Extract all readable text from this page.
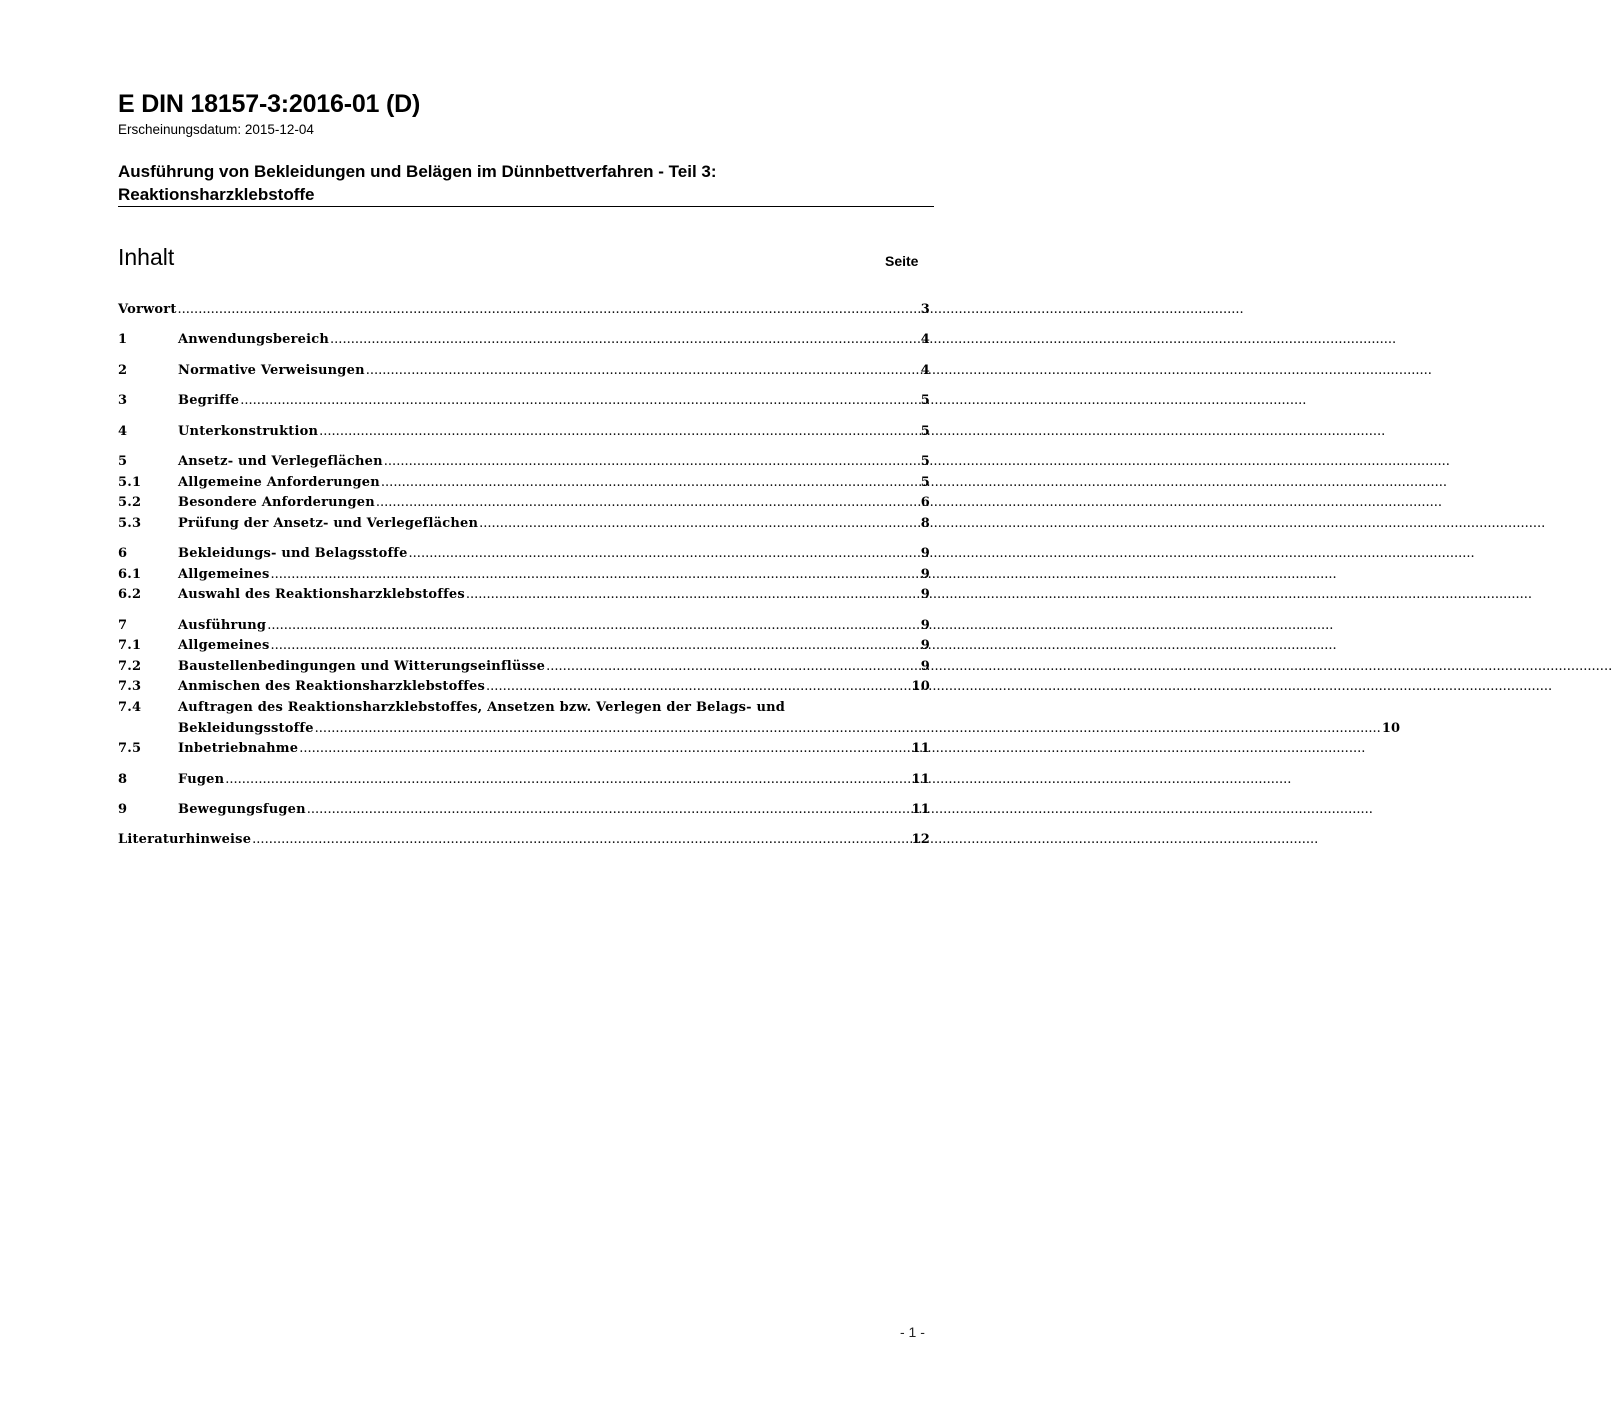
E DIN 18157-3:2016-01 (D)
Erscheinungsdatum: 2015-12-04
Ausführung von Bekleidungen und Belägen im Dünnbettverfahren - Teil 3:
Reaktionsharzklebstoffe
Inhalt	Seite
Vorwort .....	3
1	Anwendungsbereich .....	4
2	Normative Verweisungen .....	4
3	Begriffe .....	5
4	Unterkonstruktion .....	5
5	Ansetz- und Verlegeflächen .....	5
5.1	Allgemeine Anforderungen .....	5
5.2	Besondere Anforderungen .....	6
5.3	Prüfung der Ansetz- und Verlegeflächen .....	8
6	Bekleidungs- und Belagsstoffe .....	9
6.1	Allgemeines .....	9
6.2	Auswahl des Reaktionsharzklebstoffes .....	9
7	Ausführung .....	9
7.1	Allgemeines .....	9
7.2	Baustellenbedingungen und Witterungseinflüsse .....	9
7.3	Anmischen des Reaktionsharzklebstoffes .....	10
7.4	Auftragen des Reaktionsharzklebstoffes, Ansetzen bzw. Verlegen der Belags- und
Bekleidungsstoffe .....	10
7.5	Inbetriebnahme .....	11
8	Fugen .....	11
9	Bewegungsfugen .....	11
Literaturhinweise .....	12
- 1 -
